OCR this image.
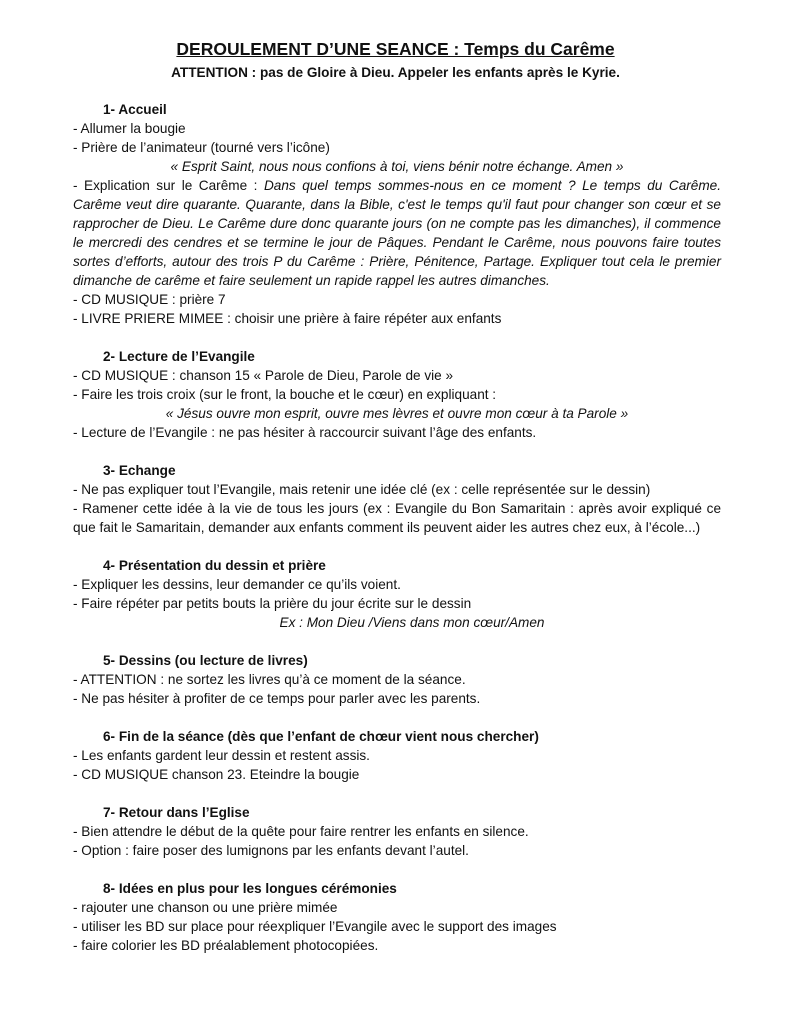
DEROULEMENT D’UNE SEANCE : Temps du Carême
ATTENTION : pas de Gloire à Dieu. Appeler les enfants après le Kyrie.
1- Accueil
- Allumer la bougie
- Prière de l’animateur (tourné vers l’icône)
« Esprit Saint, nous nous confions à toi, viens bénir notre échange. Amen »
- Explication sur le Carême : Dans quel temps sommes-nous en ce moment ? Le temps du Carême. Carême veut dire quarante. Quarante, dans la Bible, c'est le temps qu'il faut pour changer son cœur et se rapprocher de Dieu. Le Carême dure donc quarante jours (on ne compte pas les dimanches), il commence le mercredi des cendres et se termine le jour de Pâques. Pendant le Carême, nous pouvons faire toutes sortes d’efforts, autour des trois P du Carême : Prière, Pénitence, Partage. Expliquer tout cela le premier dimanche de carême et faire seulement un rapide rappel les autres dimanches.
- CD MUSIQUE : prière 7
- LIVRE PRIERE MIMEE : choisir une prière à faire répéter aux enfants
2- Lecture de l’Evangile
- CD MUSIQUE : chanson 15 « Parole de Dieu, Parole de vie »
- Faire les trois croix (sur le front, la bouche et le cœur) en expliquant :
« Jésus ouvre mon esprit, ouvre mes lèvres et ouvre mon cœur à ta Parole »
- Lecture de l’Evangile : ne pas hésiter à raccourcir suivant l’âge des enfants.
3- Echange
- Ne pas expliquer tout l’Evangile, mais retenir une idée clé (ex : celle représentée sur le dessin)
- Ramener cette idée à la vie de tous les jours (ex : Evangile du Bon Samaritain : après avoir expliqué ce que fait le Samaritain, demander aux enfants comment ils peuvent aider les autres chez eux, à l’école...)
4- Présentation du dessin et prière
- Expliquer les dessins, leur demander ce qu’ils voient.
- Faire répéter par petits bouts la prière du jour écrite sur le dessin
Ex : Mon Dieu /Viens dans mon cœur/Amen
5- Dessins (ou lecture de livres)
- ATTENTION : ne sortez les livres qu’à ce moment de la séance.
- Ne pas hésiter à profiter de ce temps pour parler avec les parents.
6- Fin de la séance (dès que l’enfant de chœur vient nous chercher)
- Les enfants gardent leur dessin et restent assis.
- CD MUSIQUE chanson 23. Eteindre la bougie
7- Retour dans l’Eglise
- Bien attendre le début de la quête pour faire rentrer les enfants en silence.
- Option : faire poser des lumignons par les enfants devant l’autel.
8- Idées en plus pour les longues cérémonies
- rajouter une chanson ou une prière mimée
- utiliser les BD sur place pour réexpliquer l’Evangile avec le support des images
- faire colorier les BD préalablement photocopiées.
